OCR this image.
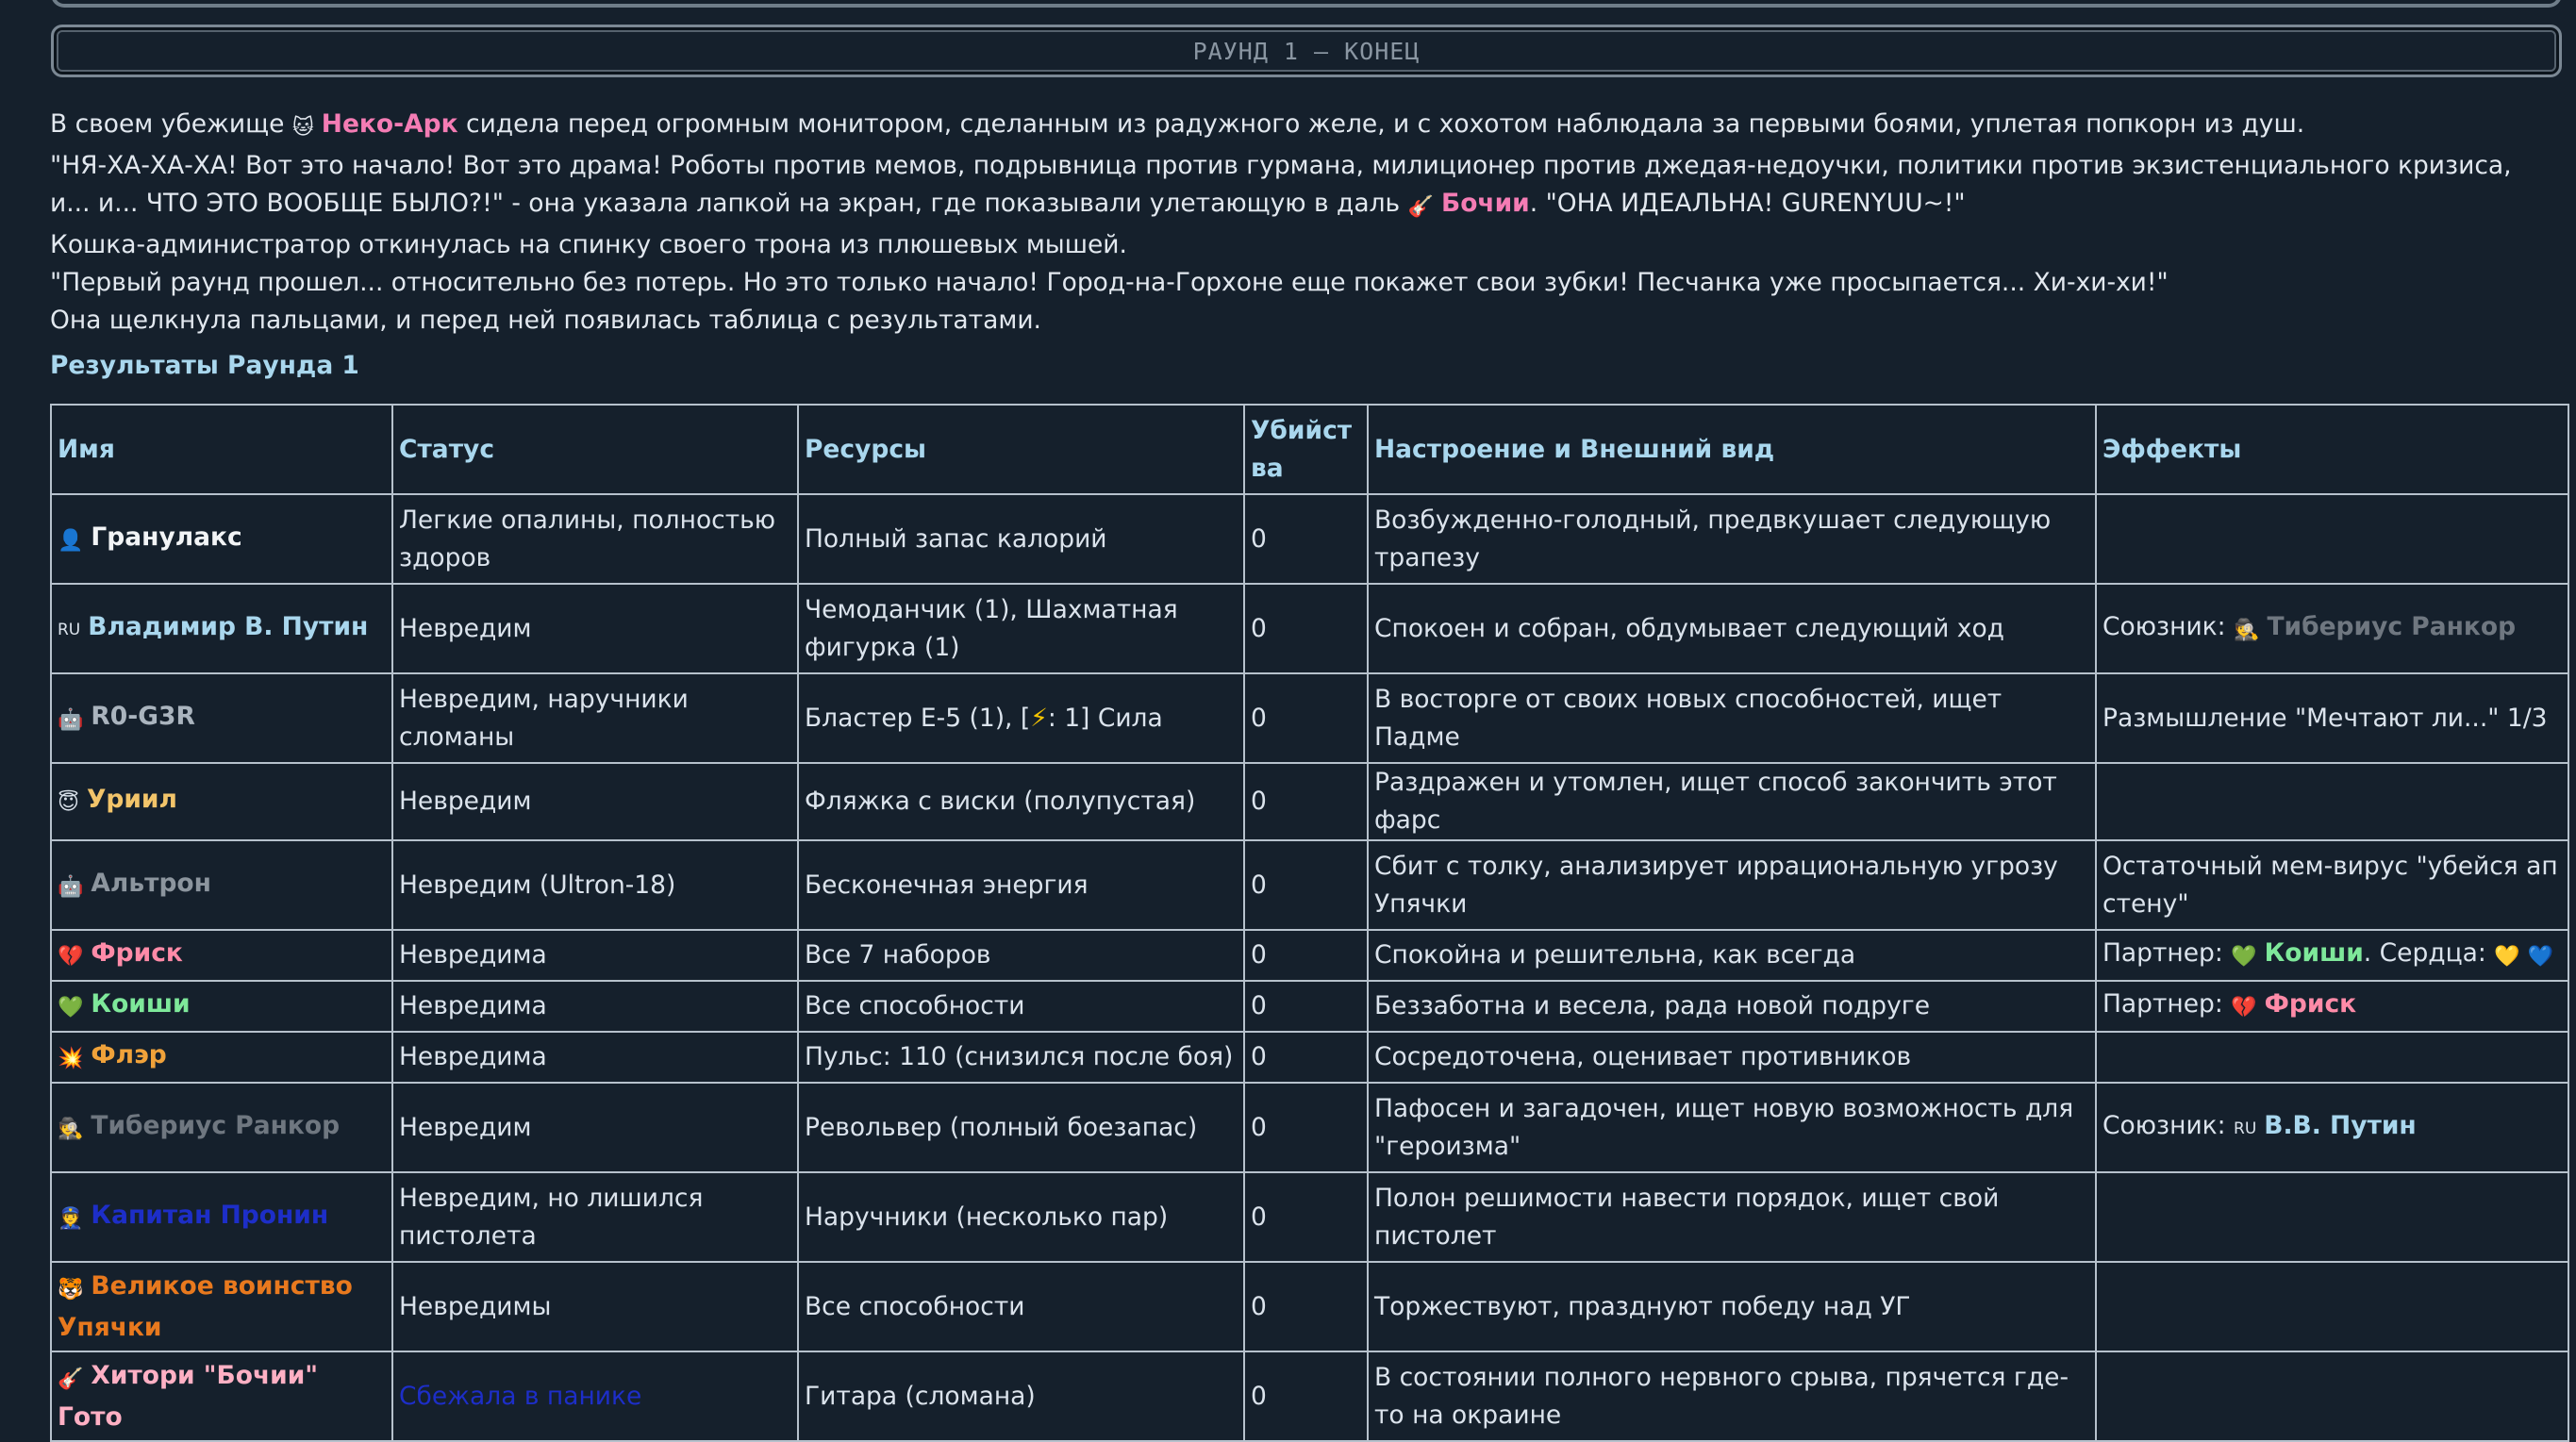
РАУНД 1 – КОНЕЦ

В своем убежище 🐱 Неко-Арк сидела перед огромным монитором, сделанным из радужного желе, и с хохотом наблюдала за первыми боями, уплетая попкорн из душ.

"НЯ-ХА-ХА-ХА! Вот это начало! Вот это драма! Роботы против мемов, подрывница против гурмана, милиционер против джедая-недоучки, политики против экзистенциального кризиса, и... и... ЧТО ЭТО ВООБЩЕ БЫЛО?!" - она указала лапкой на экран, где показывали улетающую в даль 🎸 Бочии. "ОНА ИДЕАЛЬНА! GURENYUU~!"

Кошка-администратор откинулась на спинку своего трона из плюшевых мышей.

"Первый раунд прошел... относительно без потерь. Но это только начало! Город-на-Горхоне еще покажет свои зубки! Песчанка уже просыпается... Хи-хи-хи!"

Она щелкнула пальцами, и перед ней появилась таблица с результатами.

Результаты Раунда 1
Имя	Статус	Ресурсы	Убийства	Настроение и Внешний вид	Эффекты
👤 Гранулакс	Легкие опалины, полностью здоров	Полный запас калорий	0	Возбужденно-голодный, предвкушает следующую трапезу	
RU Владимир В. Путин	Невредим	Чемоданчик (1), Шахматная фигурка (1)	0	Спокоен и собран, обдумывает следующий ход	Союзник: 🕵 Тибериус Ранкор
🤖 R0-G3R	Невредим, наручники сломаны	Бластер Е-5 (1), [⚡: 1] Сила	0	В восторге от своих новых способностей, ищет Падме	Размышление "Мечтают ли..." 1/3
😇 Уриил	Невредим	Фляжка с виски (полупустая)	0	Раздражен и утомлен, ищет способ закончить этот фарс	
🤖 Альтрон	Невредим (Ultron-18)	Бесконечная энергия	0	Сбит с толку, анализирует иррациональную угрозу Упячки	Остаточный мем-вирус "убейся ап стену"
💔 Фриск	Невредима	Все 7 наборов	0	Спокойна и решительна, как всегда	Партнер: 💚 Коиши. Сердца: 💛 💙
💚 Коиши	Невредима	Все способности	0	Беззаботна и весела, рада новой подруге	Партнер: 💔 Фриск
💥 Флэр	Невредима	Пульс: 110 (снизился после боя)	0	Сосредоточена, оценивает противников	
🕵 Тибериус Ранкор	Невредим	Револьвер (полный боезапас)	0	Пафосен и загадочен, ищет новую возможность для "героизма"	Союзник: RU В.В. Путин
👮 Капитан Пронин	Невредим, но лишился пистолета	Наручники (несколько пар)	0	Полон решимости навести порядок, ищет свой пистолет	
🐯 Великое воинство Упячки	Невредимы	Все способности	0	Торжествуют, празднуют победу над УГ	
🎸 Хитори "Бочии" Гото	Сбежала в панике	Гитара (сломана)	0	В состоянии полного нервного срыва, прячется где-то на окраине	
